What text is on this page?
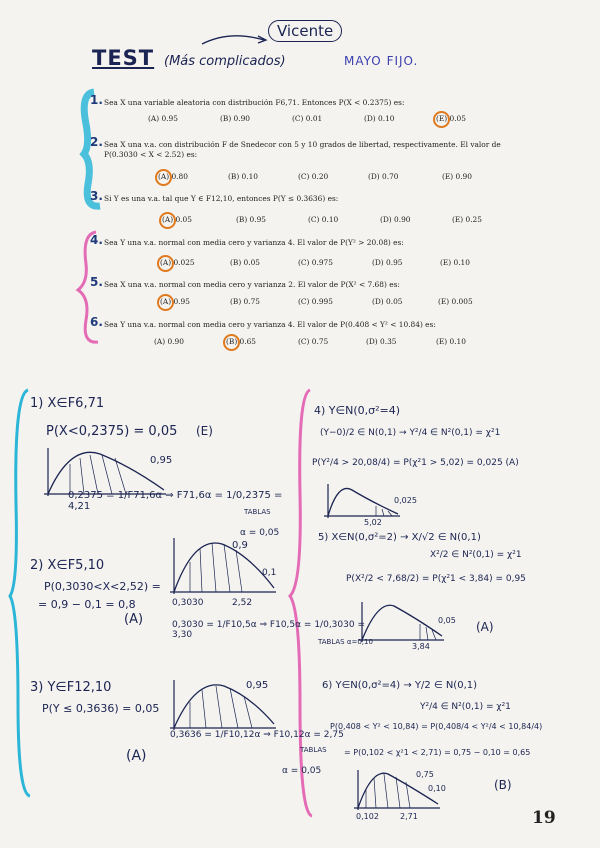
Vicente
TEST (Más complicados)	MAYO FIJO.
1. Sea X una variable aleatoria con distribución F6,71. Entonces P(X < 0.2375) es:
(A) 0.95	(B) 0.90	(C) 0.01	(D) 0.10	(E) 0.05
2. Sea X una v.a. con distribución F de Snedecor con 5 y 10 grados de libertad, respectivamente. El valor de P(0.3030 < X < 2.52) es:
(A) 0.80	(B) 0.10	(C) 0.20	(D) 0.70	(E) 0.90
3. Si Y es una v.a. tal que Y ∈ F12,10, entonces P(Y ≤ 0.3636) es:
(A) 0.05	(B) 0.95	(C) 0.10	(D) 0.90	(E) 0.25
4. Sea Y una v.a. normal con media cero y varianza 4. El valor de P(Y² > 20.08) es:
(A) 0.025	(B) 0.05	(C) 0.975	(D) 0.95	(E) 0.10
5. Sea X una v.a. normal con media cero y varianza 2. El valor de P(X² < 7.68) es:
(A) 0.95	(B) 0.75	(C) 0.995	(D) 0.05	(E) 0.005
6. Sea Y una v.a. normal con media cero y varianza 4. El valor de P(0.408 < Y² < 10.84) es:
(A) 0.90	(B) 0.65	(C) 0.75	(D) 0.35	(E) 0.10
1) X∈F6,71
P(X<0,2375) = 0,05 (E)
0,95
0,2375 = 1/F71,6α ⇒ F71,6α = 1/0,2375 = 4,21	TABLAS
α = 0,05
2) X∈F5,10
P(0,3030<X<2,52) =
= 0,9 − 0,1 = 0,8
(A)
0,9
0,1
0,3030	2,52
0,3030 = 1/F10,5α ⇒ F10,5α = 1/0,3030 = 3,30
TABLAS α=0,10
3) Y∈F12,10
P(Y ≤ 0,3636) = 0,05
(A)
0,95
0,3636 = 1/F10,12α ⇒ F10,12α = 2,75
TABLAS
α = 0,05
4) Y∈N(0,σ²=4)
(Y−0)/2 ∈ N(0,1) → Y²/4 ∈ N²(0,1) = χ²1
P(Y²/4 > 20,08/4) = P(χ²1 > 5,02) = 0,025 (A)
0,025
5,02
5) X∈N(0,σ²=2) → X/√2 ∈ N(0,1)
X²/2 ∈ N²(0,1) = χ²1
P(X²/2 < 7,68/2) = P(χ²1 < 3,84) = 0,95
0,05
3,84
(A)
6) Y∈N(0,σ²=4) → Y/2 ∈ N(0,1)
Y²/4 ∈ N²(0,1) = χ²1
P(0,408 < Y² < 10,84) = P(0,408/4 < Y²/4 < 10,84/4)
= P(0,102 < χ²1 < 2,71) = 0,75 − 0,10 = 0,65
0,75
0,10
0,102	2,71
(B)
19
